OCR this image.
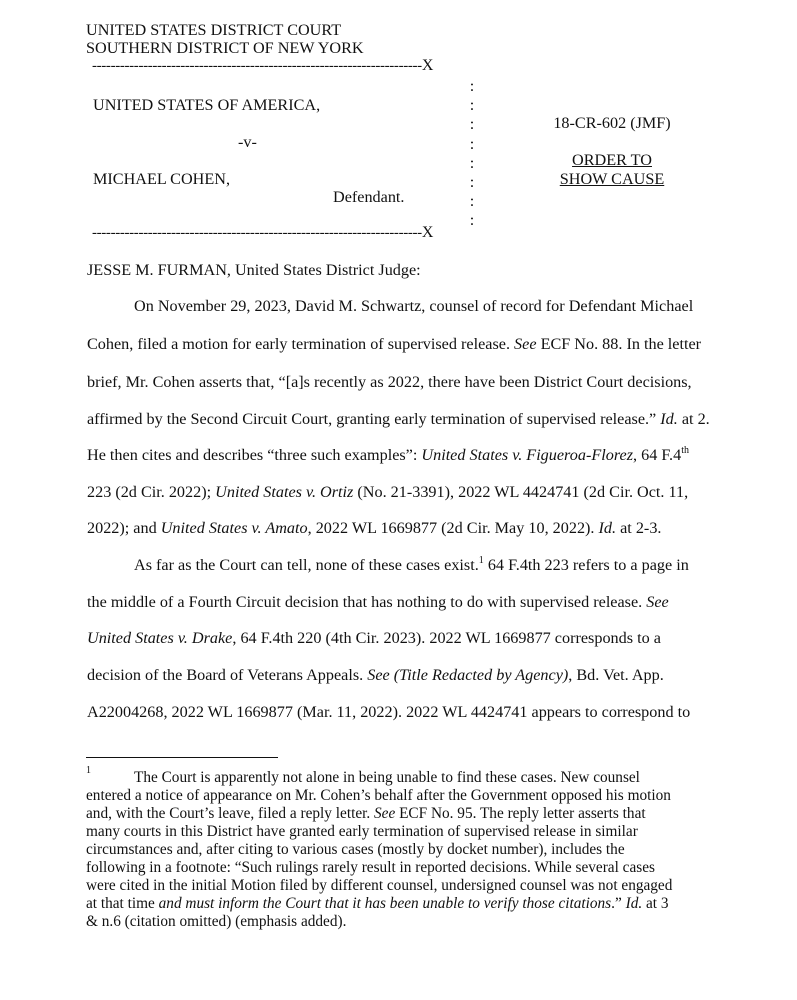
UNITED STATES DISTRICT COURT
SOUTHERN DISTRICT OF NEW YORK
-----------------------------------------------------------------------X
-----------------------------------------------------------------------X
:
:
:
:
:
:
:
:
UNITED STATES OF AMERICA,
-v-
MICHAEL COHEN,
Defendant.
18-CR-602 (JMF)
ORDER TO
SHOW CAUSE
JESSE M. FURMAN, United States District Judge:
On November 29, 2023, David M. Schwartz, counsel of record for Defendant Michael
Cohen, filed a motion for early termination of supervised release. See ECF No. 88. In the letter
brief, Mr. Cohen asserts that, “[a]s recently as 2022, there have been District Court decisions,
affirmed by the Second Circuit Court, granting early termination of supervised release.” Id. at 2.
He then cites and describes “three such examples”: United States v. Figueroa-Florez, 64 F.4th
223 (2d Cir. 2022); United States v. Ortiz (No. 21-3391), 2022 WL 4424741 (2d Cir. Oct. 11,
2022); and United States v. Amato, 2022 WL 1669877 (2d Cir. May 10, 2022). Id. at 2-3.
As far as the Court can tell, none of these cases exist.$^1$ 64 F.4th 223 refers to a page in
the middle of a Fourth Circuit decision that has nothing to do with supervised release. See
United States v. Drake, 64 F.4th 220 (4th Cir. 2023). 2022 WL 1669877 corresponds to a
decision of the Board of Veterans Appeals. See (Title Redacted by Agency), Bd. Vet. App.
A22004268, 2022 WL 1669877 (Mar. 11, 2022). 2022 WL 4424741 appears to correspond to
1	The Court is apparently not alone in being unable to find these cases. New counsel
entered a notice of appearance on Mr. Cohen’s behalf after the Government opposed his motion
and, with the Court’s leave, filed a reply letter. See ECF No. 95. The reply letter asserts that
many courts in this District have granted early termination of supervised release in similar
circumstances and, after citing to various cases (mostly by docket number), includes the
following in a footnote: “Such rulings rarely result in reported decisions. While several cases
were cited in the initial Motion filed by different counsel, undersigned counsel was not engaged
at that time and must inform the Court that it has been unable to verify those citations.” Id. at 3
& n.6 (citation omitted) (emphasis added).
